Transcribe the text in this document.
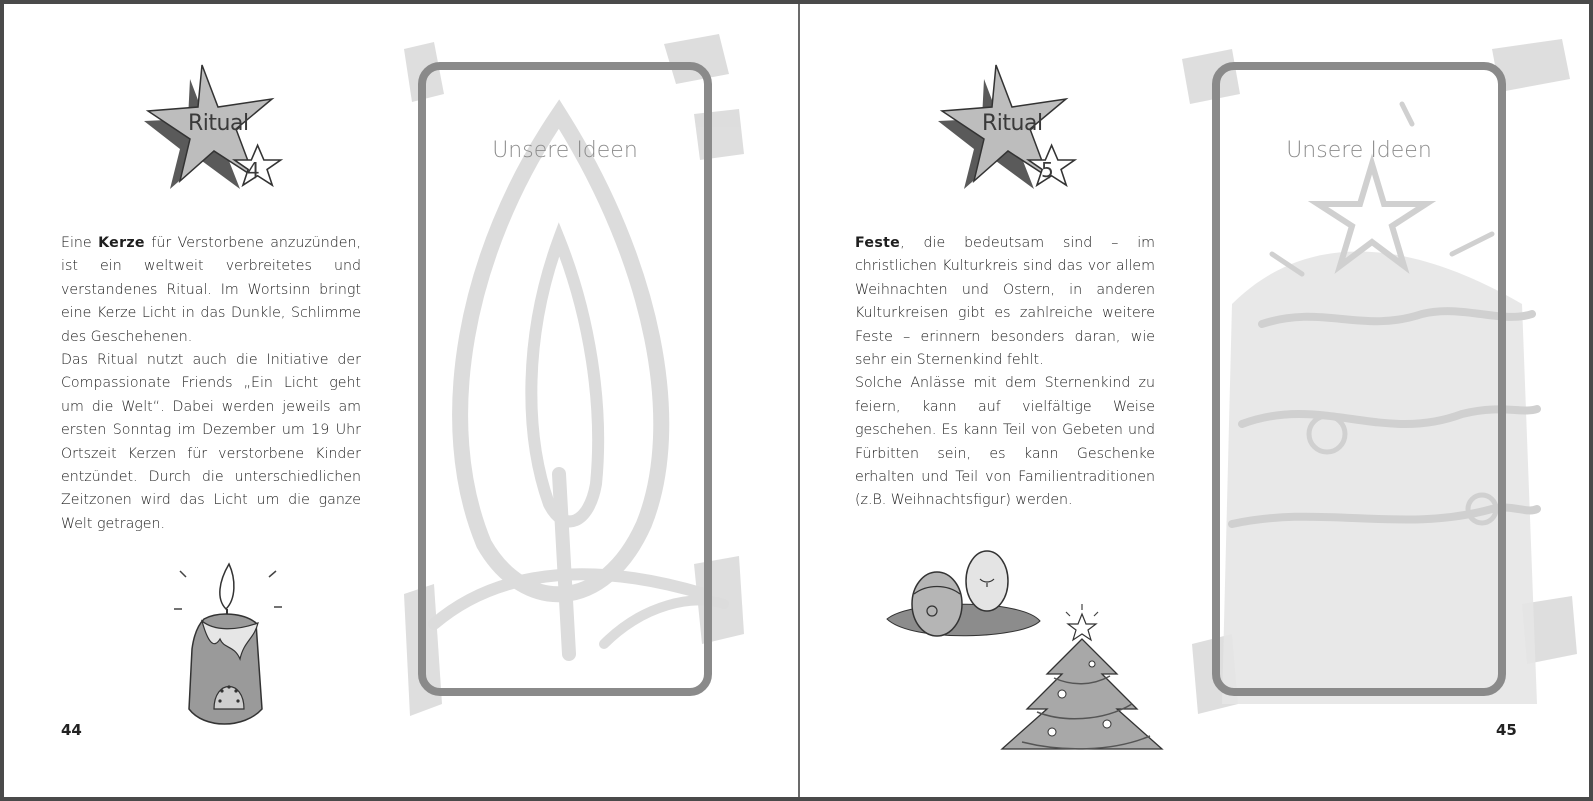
Ritual
4

Eine Kerze für Verstorbene anzuzünden, ist ein weltweit verbreitetes und verstandenes Ritual. Im Wortsinn bringt eine Kerze Licht in das Dunkle, Schlimme des Geschehenen.

Das Ritual nutzt auch die Initiative der Compassionate Friends „Ein Licht geht um die Welt“. Dabei werden jeweils am ersten Sonntag im Dezember um 19 Uhr Ortszeit Kerzen für verstorbene Kinder entzündet. Durch die unterschiedlichen Zeitzonen wird das Licht um die ganze Welt getragen.

Unsere Ideen
44
Ritual
5

Feste, die bedeutsam sind – im christlichen Kulturkreis sind das vor allem Weihnachten und Ostern, in anderen Kulturkreisen gibt es zahlreiche weitere Feste – erinnern besonders daran, wie sehr ein Sternenkind fehlt.

Solche Anlässe mit dem Sternenkind zu feiern, kann auf vielfältige Weise geschehen. Es kann Teil von Gebeten und Fürbitten sein, es kann Geschenke erhalten und Teil von Familientraditionen (z.B. Weihnachtsfigur) werden.

Unsere Ideen
45
